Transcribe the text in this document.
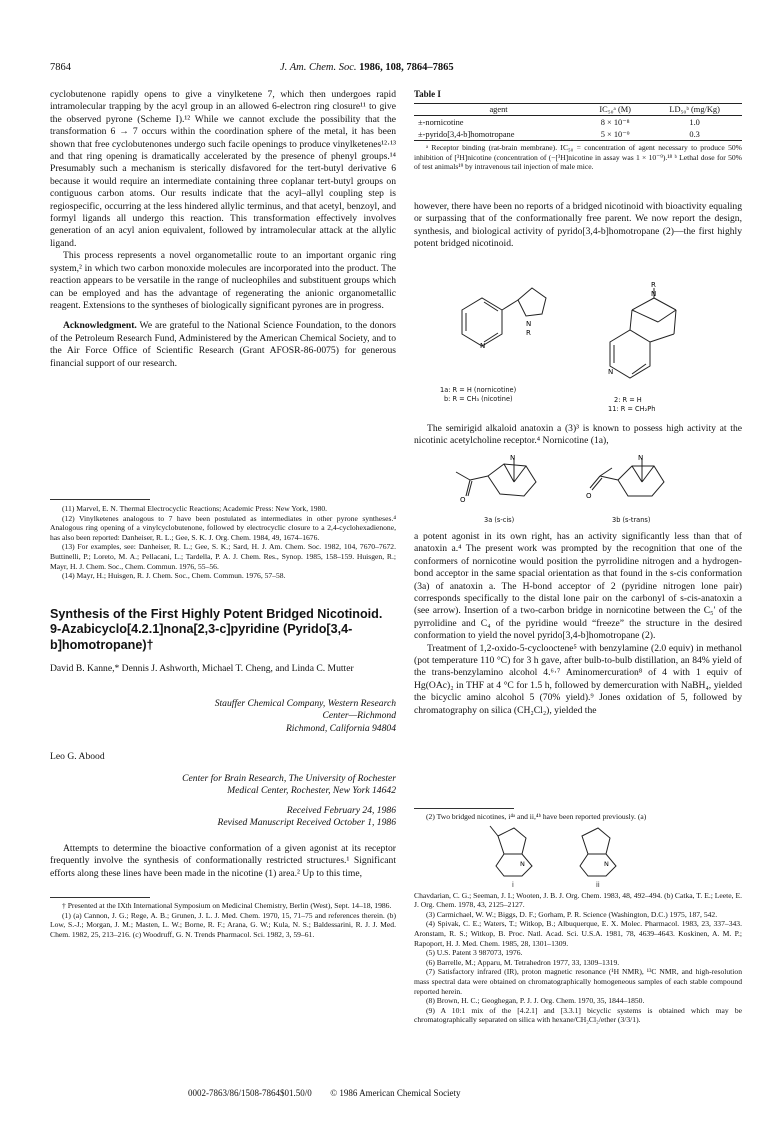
7864	J. Am. Chem. Soc. 1986, 108, 7864–7865

cyclobutenone rapidly opens to give a vinylketene 7, which then undergoes rapid intramolecular trapping by the acyl group in an allowed 6-electron ring closure¹¹ to give the observed pyrone (Scheme I).¹² While we cannot exclude the possibility that the transformation 6 → 7 occurs within the coordination sphere of the metal, it has been shown that free cyclobutenones undergo such facile openings to produce vinylketenes¹²·¹³ and that ring opening is dramatically accelerated by the presence of phenyl groups.¹⁴ Presumably such a mechanism is sterically disfavored for the tert-butyl derivative 6 because it would require an intermediate containing three coplanar tert-butyl groups on contiguous carbon atoms. Our results indicate that the acyl–allyl coupling step is regiospecific, occurring at the less hindered allylic terminus, and that acetyl, benzoyl, and formyl ligands all undergo this reaction. This transformation effectively involves generation of an acyl anion equivalent, followed by intramolecular attack at the allylic ligand.

This process represents a novel organometallic route to an important organic ring system,² in which two carbon monoxide molecules are incorporated into the product. The reaction appears to be versatile in the range of nucleophiles and substituent groups which can be employed and has the advantage of regenerating the anionic organometallic reagent. Extensions to the syntheses of biologically significant pyrones are in progress.

Acknowledgment. We are grateful to the National Science Foundation, to the donors of the Petroleum Research Fund, Administered by the American Chemical Society, and to the Air Force Office of Scientific Research (Grant AFOSR-86-0075) for generous financial support of our research.

(11) Marvel, E. N. Thermal Electrocyclic Reactions; Academic Press: New York, 1980.

(12) Vinylketenes analogous to 7 have been postulated as intermediates in other pyrone syntheses.⁴ Analogous ring opening of a vinylcyclobutenone, followed by electrocyclic closure to a 2,4-cyclohexadienone, has also been reported: Danheiser, R. L.; Gee, S. K. J. Org. Chem. 1984, 49, 1674–1676.

(13) For examples, see: Danheiser, R. L.; Gee, S. K.; Sard, H. J. Am. Chem. Soc. 1982, 104, 7670–7672. Buttinelli, P.; Loreto, M. A.; Pellacani, L.; Tardella, P. A. J. Chem. Res., Synop. 1985, 158–159. Huisgen, R.; Mayr, H. J. Chem. Soc., Chem. Commun. 1976, 55–56.

(14) Mayr, H.; Huisgen, R. J. Chem. Soc., Chem. Commun. 1976, 57–58.

Synthesis of the First Highly Potent Bridged Nicotinoid. 9-Azabicyclo[4.2.1]nona[2,3-c]pyridine (Pyrido[3,4-b]homotropane)†
David B. Kanne,* Dennis J. Ashworth, Michael T. Cheng, and Linda C. Mutter
Stauffer Chemical Company, Western Research
Center—Richmond
Richmond, California 94804
Leo G. Abood
Center for Brain Research, The University of Rochester
Medical Center, Rochester, New York 14642
Received February 24, 1986
Revised Manuscript Received October 1, 1986

Attempts to determine the bioactive conformation of a given agonist at its receptor frequently involve the synthesis of conformationally restricted structures.¹ Significant efforts along these lines have been made in the nicotine (1) area.² Up to this time,

† Presented at the IXth International Symposium on Medicinal Chemistry, Berlin (West), Sept. 14–18, 1986.

(1) (a) Cannon, J. G.; Rege, A. B.; Grunen, J. L. J. Med. Chem. 1970, 15, 71–75 and references therein. (b) Low, S.-J.; Morgan, J. M.; Masten, L. W.; Borne, R. F.; Arana, G. W.; Kula, N. S.; Baldessarini, R. J. J. Med. Chem. 1982, 25, 213–216. (c) Woodruff, G. N. Trends Pharmacol. Sci. 1982, 3, 59–61.

Table I
agent	IC₅₀ᵃ (M)	LD₅₀ᵇ (mg/Kg)
±-nornicotine	8 × 10⁻⁸	1.0
±-pyrido[3,4-b]homotropane	5 × 10⁻⁹	0.3

ᵃ Receptor binding (rat-brain membrane). IC₅₀ = concentration of agent necessary to produce 50% inhibition of [³H]nicotine (concentration of (−[³H]nicotine in assay was 1 × 10⁻⁹).¹⁸ ᵇ Lethal dose for 50% of test animals¹⁹ by intravenous tail injection of male mice.

however, there have been no reports of a bridged nicotinoid with bioactivity equaling or surpassing that of the conformationally free parent. We now report the design, synthesis, and biological activity of pyrido[3,4-b]homotropane (2)—the first highly potent bridged nicotinoid.

N
N
R
N
N
R
1a: R = H (nornicotine)
b: R = CH₃ (nicotine)	2: R = H
11: R = CH₂Ph

The semirigid alkaloid anatoxin a (3)³ is known to possess high activity at the nicotinic acetylcholine receptor.⁴ Nornicotine (1a),

O	O
N	N
3a (s-cis)	3b (s-trans)

a potent agonist in its own right, has an activity significantly less than that of anatoxin a.⁴ The present work was prompted by the recognition that one of the conformers of nornicotine would position the pyrrolidine nitrogen and a hydrogen-bond acceptor in the same spacial orientation as that found in the s-cis conformation (3a) of anatoxin a. The H-bond acceptor of 2 (pyridine nitrogen lone pair) corresponds specifically to the distal lone pair on the carbonyl of s-cis-anatoxin a (see arrow). Insertion of a two-carbon bridge in nornicotine between the C₅′ of the pyrrolidine and C₄ of the pyridine would “freeze” the structure in the desired conformation to yield the novel pyrido[3,4-b]homotropane (2).

Treatment of 1,2-oxido-5-cyclooctene⁵ with benzylamine (2.0 equiv) in methanol (pot temperature 110 °C) for 3 h gave, after bulb-to-bulb distillation, an 84% yield of the trans-benzylamino alcohol 4.⁶·⁷ Aminomercuration⁸ of 4 with 1 equiv of Hg(OAc)₂ in THF at 4 °C for 1.5 h, followed by demercuration with NaBH₄, yielded the bicyclic amino alcohol 5 (70% yield).⁹ Jones oxidation of 5, followed by chromatography on silica (CH₂Cl₂), yielded the

(2) Two bridged nicotines, i⁴ᵃ and ii,⁴ᵇ have been reported previously. (a)

N	N
i	ii

Chavdarian, C. G.; Seeman, J. I.; Wooten, J. B. J. Org. Chem. 1983, 48, 492–494. (b) Catka, T. E.; Leete, E. J. Org. Chem. 1978, 43, 2125–2127.

(3) Carmichael, W. W.; Biggs, D. F.; Gorham, P. R. Science (Washington, D.C.) 1975, 187, 542.

(4) Spivak, C. E.; Waters, T.; Witkop, B.; Albuquerque, E. X. Molec. Pharmacol. 1983, 23, 337–343. Aronstam, R. S.; Witkop, B. Proc. Natl. Acad. Sci. U.S.A. 1981, 78, 4639–4643. Koskinen, A. M. P.; Rapoport, H. J. Med. Chem. 1985, 28, 1301–1309.

(5) U.S. Patent 3 987073, 1976.

(6) Barrelle, M.; Apparu, M. Tetrahedron 1977, 33, 1309–1319.

(7) Satisfactory infrared (IR), proton magnetic resonance (¹H NMR), ¹³C NMR, and high-resolution mass spectral data were obtained on chromatographically homogeneous samples of each stable compound reported herein.

(8) Brown, H. C.; Geoghegan, P. J. J. Org. Chem. 1970, 35, 1844–1850.

(9) A 10:1 mix of the [4.2.1] and [3.3.1] bicyclic systems is obtained which may be chromatographically separated on silica with hexane/CH₂Cl₂/ether (3/3/1).

0002-7863/86/1508-7864$01.50/0 © 1986 American Chemical Society
